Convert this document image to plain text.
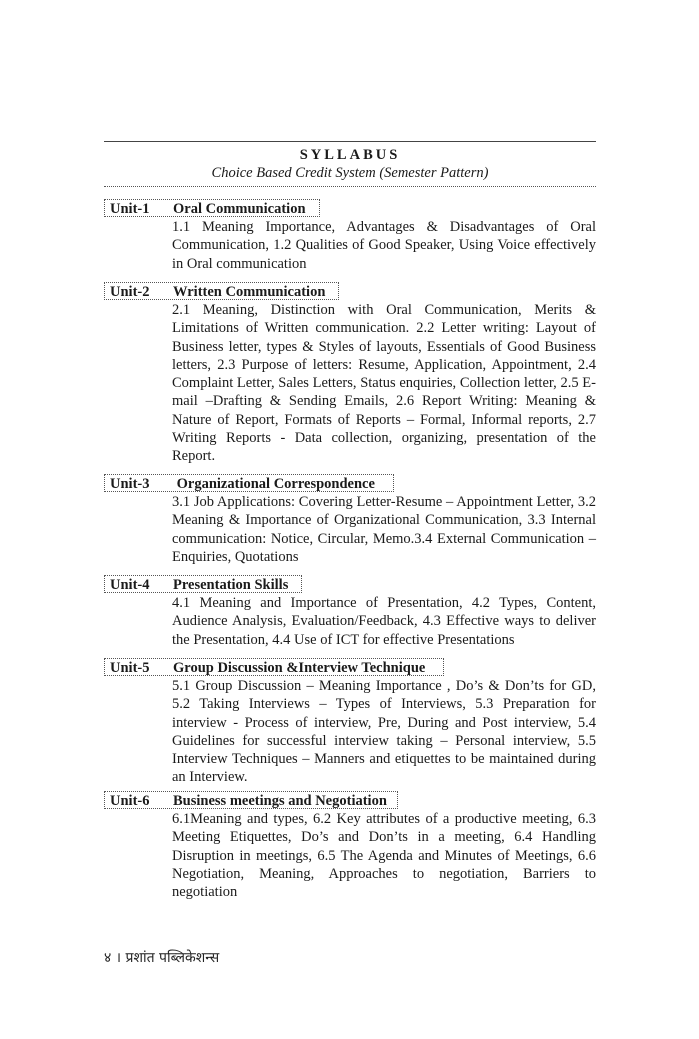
SYLLABUS
Choice Based Credit System (Semester Pattern)
Unit-1	Oral Communication
1.1 Meaning Importance, Advantages & Disadvantages of Oral Communication, 1.2 Qualities of Good Speaker, Using Voice effectively in Oral communication
Unit-2	Written Communication
2.1 Meaning, Distinction with Oral Communication, Merits & Limitations of Written communication. 2.2 Letter writing: Layout of Business letter, types & Styles of layouts, Essentials of Good Business letters, 2.3 Purpose of letters: Resume, Application, Appointment, 2.4 Complaint Letter, Sales Letters, Status enquiries, Collection letter, 2.5 E-mail –Drafting & Sending Emails, 2.6 Report Writing: Meaning & Nature of Report, Formats of Reports – Formal, Informal reports, 2.7 Writing Reports - Data collection, organizing, presentation of the Report.
Unit-3	Organizational Correspondence
3.1 Job Applications: Covering Letter-Resume – Appointment Letter, 3.2 Meaning & Importance of Organizational Communication, 3.3 Internal communication: Notice, Circular, Memo.3.4 External Communication – Enquiries, Quotations
Unit-4	Presentation Skills
4.1 Meaning and Importance of Presentation, 4.2 Types, Content, Audience Analysis, Evaluation/Feedback, 4.3 Effective ways to deliver the Presentation, 4.4 Use of ICT for effective Presentations
Unit-5	Group Discussion &Interview Technique
5.1 Group Discussion – Meaning Importance , Do’s & Don’ts for GD, 5.2 Taking Interviews – Types of Interviews, 5.3 Preparation for interview - Process of interview, Pre, During and Post interview, 5.4 Guidelines for successful interview taking – Personal interview, 5.5 Interview Techniques – Manners and etiquettes to be maintained during an Interview.
Unit-6	Business meetings and Negotiation
6.1Meaning and types, 6.2 Key attributes of a productive meeting, 6.3 Meeting Etiquettes, Do’s and Don’ts in a meeting, 6.4 Handling Disruption in meetings, 6.5 The Agenda and Minutes of Meetings, 6.6 Negotiation, Meaning, Approaches to negotiation, Barriers to negotiation
४ । प्रशांत पब्लिकेशन्स
